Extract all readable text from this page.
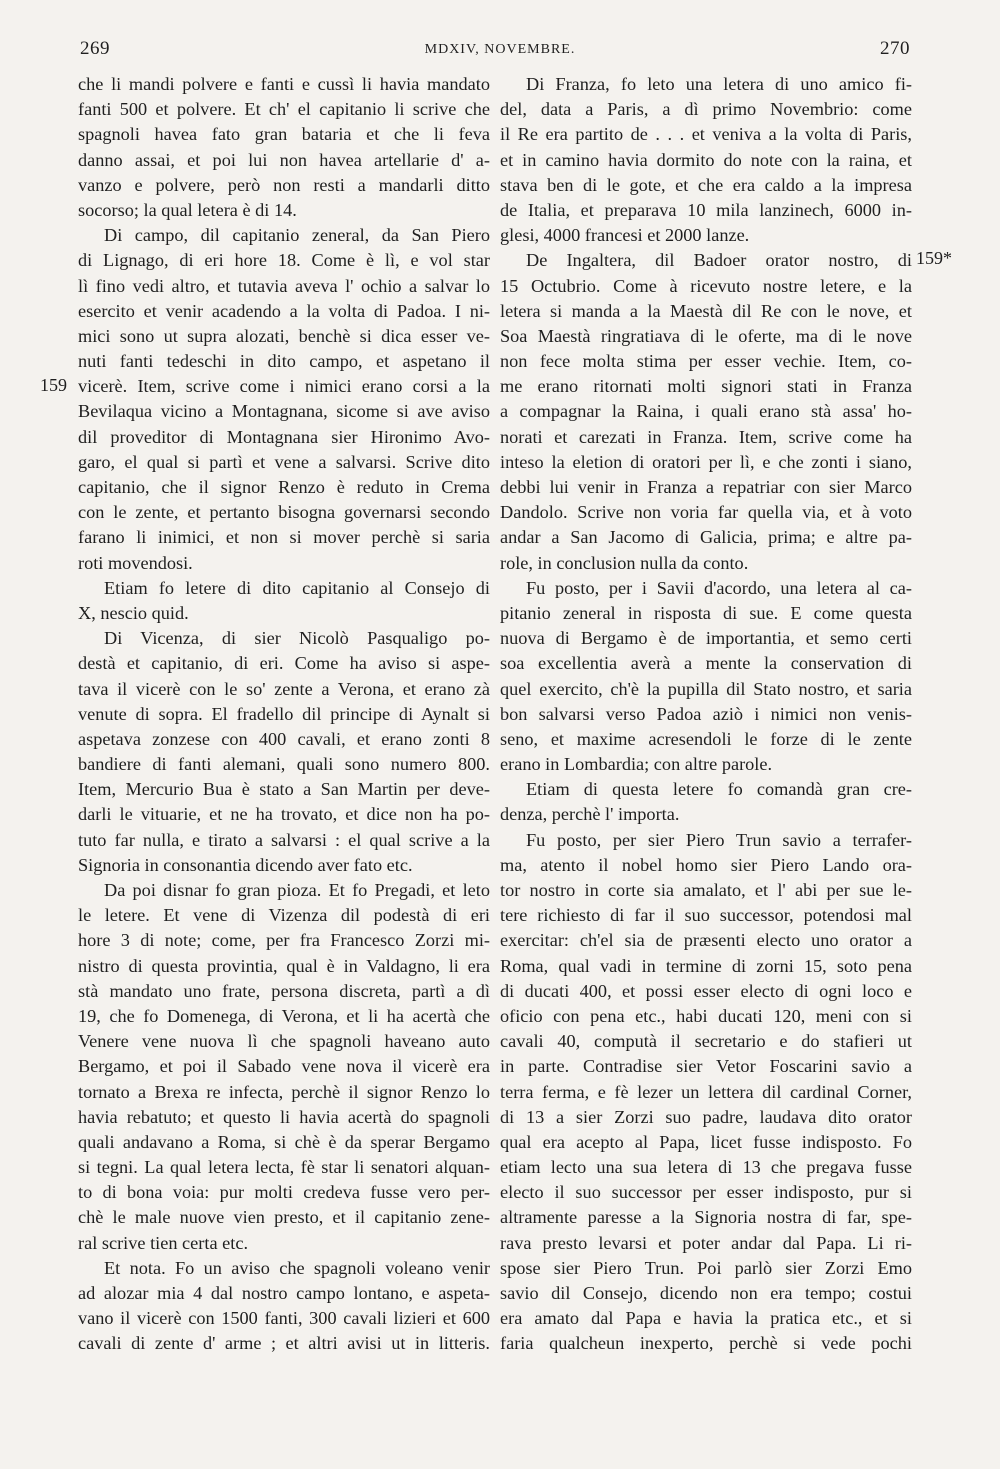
269	MDXIV, NOVEMBRE.	270
159
159*
che li mandi polvere e fanti e cussì li havia mandato
fanti 500 et polvere. Et ch' el capitanio li scrive che
spagnoli havea fato gran bataria et che li feva
danno assai, et poi lui non havea artellarie d' a-
vanzo e polvere, però non resti a mandarli ditto
socorso; la qual letera è di 14.
Di campo, dil capitanio zeneral, da San Piero
di Lignago, di eri hore 18. Come è lì, e vol star
lì fino vedi altro, et tutavia aveva l' ochio a salvar lo
esercito et venir acadendo a la volta di Padoa. I ni-
mici sono ut supra alozati, benchè si dica esser ve-
nuti fanti tedeschi in dito campo, et aspetano il
vicerè. Item, scrive come i nimici erano corsi a la
Bevilaqua vicino a Montagnana, sicome si ave aviso
dil proveditor di Montagnana sier Hironimo Avo-
garo, el qual si partì et vene a salvarsi. Scrive dito
capitanio, che il signor Renzo è reduto in Crema
con le zente, et pertanto bisogna governarsi secondo
farano li inimici, et non si mover perchè si saria
roti movendosi.
Etiam fo letere di dito capitanio al Consejo di
X, nescio quid.
Di Vicenza, di sier Nicolò Pasqualigo po-
destà et capitanio, di eri. Come ha aviso si aspe-
tava il vicerè con le so' zente a Verona, et erano zà
venute di sopra. El fradello dil principe di Aynalt si
aspetava zonzese con 400 cavali, et erano zonti 8
bandiere di fanti alemani, quali sono numero 800.
Item, Mercurio Bua è stato a San Martin per deve-
darli le vituarie, et ne ha trovato, et dice non ha po-
tuto far nulla, e tirato a salvarsi : el qual scrive a la
Signoria in consonantia dicendo aver fato etc.
Da poi disnar fo gran pioza. Et fo Pregadi, et leto
le letere. Et vene di Vizenza dil podestà di eri
hore 3 di note; come, per fra Francesco Zorzi mi-
nistro di questa provintia, qual è in Valdagno, li era
stà mandato uno frate, persona discreta, partì a dì
19, che fo Domenega, di Verona, et li ha acertà che
Venere vene nuova lì che spagnoli haveano auto
Bergamo, et poi il Sabado vene nova il vicerè era
tornato a Brexa re infecta, perchè il signor Renzo lo
havia rebatuto; et questo li havia acertà do spagnoli
quali andavano a Roma, si chè è da sperar Bergamo
si tegni. La qual letera lecta, fè star li senatori alquan-
to di bona voia: pur molti credeva fusse vero per-
chè le male nuove vien presto, et il capitanio zene-
ral scrive tien certa etc.
Et nota. Fo un aviso che spagnoli voleano venir
ad alozar mia 4 dal nostro campo lontano, e aspeta-
vano il vicerè con 1500 fanti, 300 cavali lizieri et 600
cavali di zente d' arme ; et altri avisi ut in litteris.
Di Franza, fo leto una letera di uno amico fi-
del, data a Paris, a dì primo Novembrio: come
il Re era partito de . . . et veniva a la volta di Paris,
et in camino havia dormito do note con la raina, et
stava ben di le gote, et che era caldo a la impresa
de Italia, et preparava 10 mila lanzinech, 6000 in-
glesi, 4000 francesi et 2000 lanze.
De Ingaltera, dil Badoer orator nostro, di
15 Octubrio. Come à ricevuto nostre letere, e la
letera si manda a la Maestà dil Re con le nove, et
Soa Maestà ringratiava di le oferte, ma di le nove
non fece molta stima per esser vechie. Item, co-
me erano ritornati molti signori stati in Franza
a compagnar la Raina, i quali erano stà assa' ho-
norati et carezati in Franza. Item, scrive come ha
inteso la eletion di oratori per lì, e che zonti i siano,
debbi lui venir in Franza a repatriar con sier Marco
Dandolo. Scrive non voria far quella via, et à voto
andar a San Jacomo di Galicia, prima; e altre pa-
role, in conclusion nulla da conto.
Fu posto, per i Savii d'acordo, una letera al ca-
pitanio zeneral in risposta di sue. E come questa
nuova di Bergamo è de importantia, et semo certi
soa excellentia averà a mente la conservation di
quel exercito, ch'è la pupilla dil Stato nostro, et saria
bon salvarsi verso Padoa aziò i nimici non venis-
seno, et maxime acresendoli le forze di le zente
erano in Lombardia; con altre parole.
Etiam di questa letere fo comandà gran cre-
denza, perchè l' importa.
Fu posto, per sier Piero Trun savio a terrafer-
ma, atento il nobel homo sier Piero Lando ora-
tor nostro in corte sia amalato, et l' abi per sue le-
tere richiesto di far il suo successor, potendosi mal
exercitar: ch'el sia de præsenti electo uno orator a
Roma, qual vadi in termine di zorni 15, soto pena
di ducati 400, et possi esser electo di ogni loco e
oficio con pena etc., habi ducati 120, meni con si
cavali 40, computà il secretario e do stafieri ut
in parte. Contradise sier Vetor Foscarini savio a
terra ferma, e fè lezer un lettera dil cardinal Corner,
di 13 a sier Zorzi suo padre, laudava dito orator
qual era acepto al Papa, licet fusse indisposto. Fo
etiam lecto una sua letera di 13 che pregava fusse
electo il suo successor per esser indisposto, pur si
altramente paresse a la Signoria nostra di far, spe-
rava presto levarsi et poter andar dal Papa. Li ri-
spose sier Piero Trun. Poi parlò sier Zorzi Emo
savio dil Consejo, dicendo non era tempo; costui
era amato dal Papa e havia la pratica etc., et si
faria qualcheun inexperto, perchè si vede pochi
